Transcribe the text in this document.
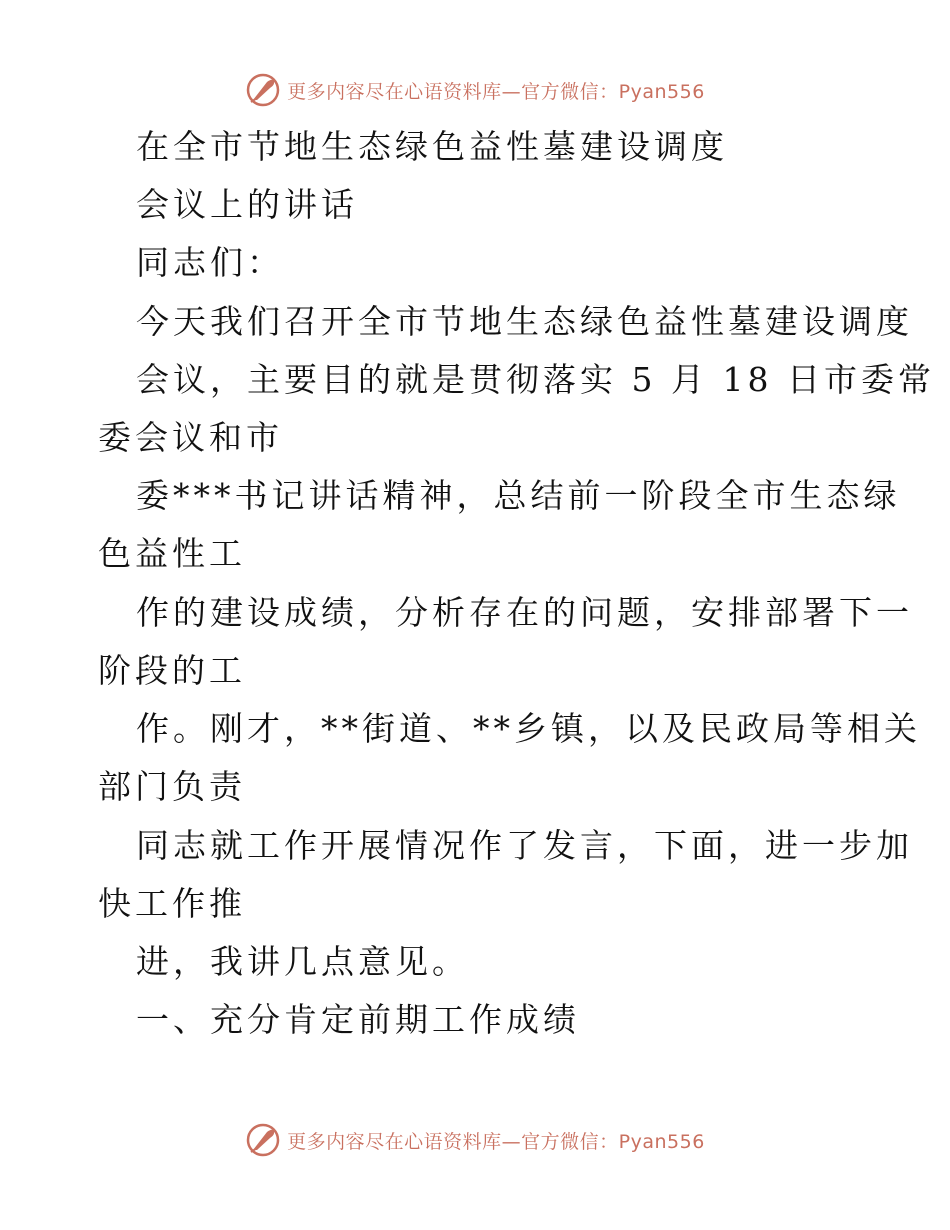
更多内容尽在心语资料库—官方微信：Pyan556

在全市节地生态绿色益性墓建设调度

会议上的讲话

同志们：

今天我们召开全市节地生态绿色益性墓建设调度

会议，主要目的就是贯彻落实 5 月 18 日市委常

委会议和市

委***书记讲话精神，总结前一阶段全市生态绿

色益性工

作的建设成绩，分析存在的问题，安排部署下一

阶段的工

作。刚才，**街道、**乡镇，以及民政局等相关

部门负责

同志就工作开展情况作了发言，下面，进一步加

快工作推

进，我讲几点意见。

一、充分肯定前期工作成绩

更多内容尽在心语资料库—官方微信：Pyan556
